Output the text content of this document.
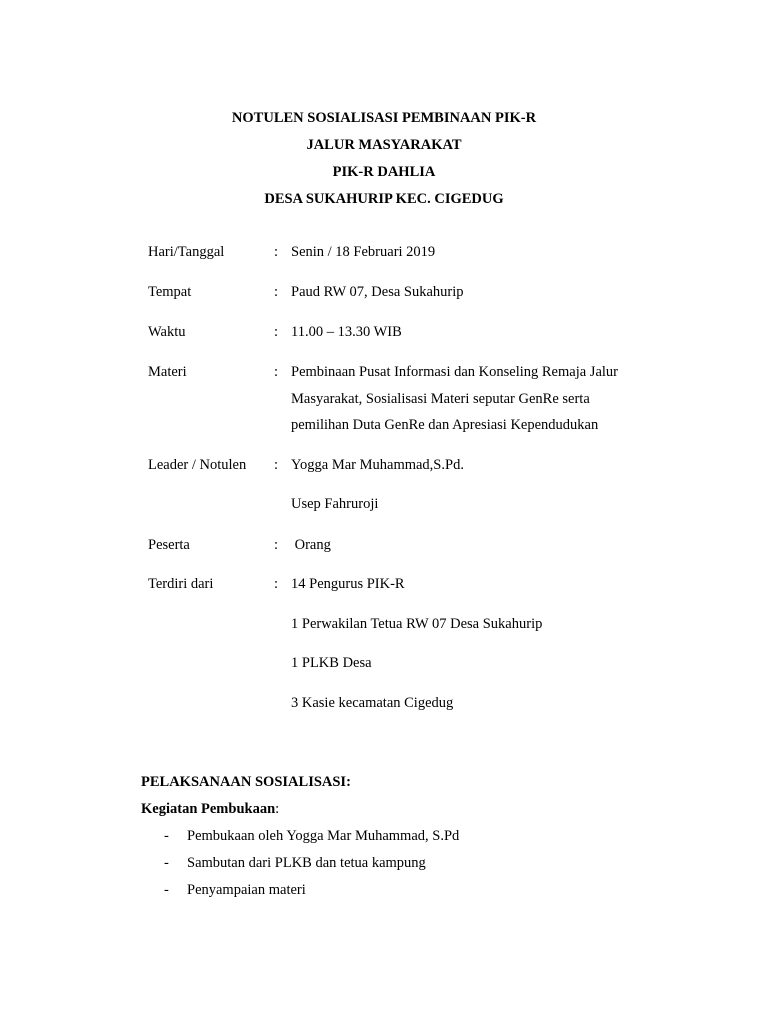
NOTULEN SOSIALISASI PEMBINAAN PIK-R
JALUR MASYARAKAT
PIK-R DAHLIA
DESA SUKAHURIP KEC. CIGEDUG
Hari/Tanggal	: Senin / 18 Februari 2019
Tempat	: Paud RW 07, Desa Sukahurip
Waktu	: 11.00 – 13.30 WIB
Materi	: Pembinaan Pusat Informasi dan Konseling Remaja Jalur

Masyarakat, Sosialisasi Materi seputar GenRe serta

pemilihan Duta GenRe dan Apresiasi Kependudukan

Leader / Notulen : Yogga Mar Muhammad,S.Pd.
Usep Fahruroji
Peserta	: Orang
Terdiri dari	: 14 Pengurus PIK-R
1 Perwakilan Tetua RW 07 Desa Sukahurip
1 PLKB Desa
3 Kasie kecamatan Cigedug
PELAKSANAAN SOSIALISASI:
Kegiatan Pembukaan:
- Pembukaan oleh Yogga Mar Muhammad, S.Pd
- Sambutan dari PLKB dan tetua kampung
- Penyampaian materi
